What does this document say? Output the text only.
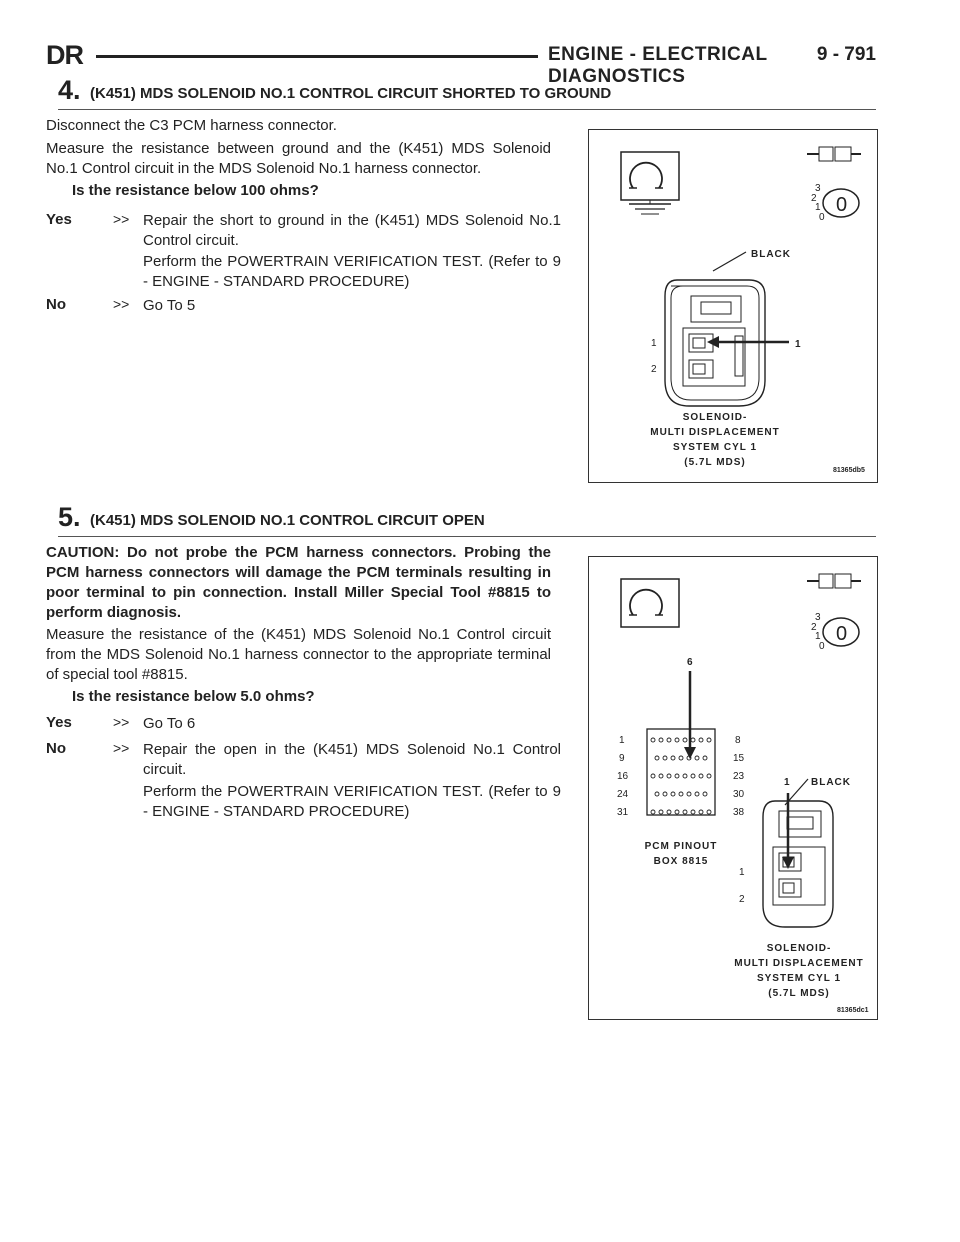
DR	ENGINE - ELECTRICAL DIAGNOSTICS
9 - 791
4. (K451) MDS SOLENOID NO.1 CONTROL CIRCUIT SHORTED TO GROUND

Disconnect the C3 PCM harness connector.

Measure the resistance between ground and the (K451) MDS Solenoid No.1 Control circuit in the MDS Solenoid No.1 harness connector.

Is the resistance below 100 ohms?
Yes	>> Repair the short to ground in the (K451) MDS Solenoid No.1 Control circuit.

Perform the POWERTRAIN VERIFICATION TEST. (Refer to 9 - ENGINE - STANDARD PROCEDURE)

No	>> Go To 5

3
2
1
0
0
BLACK
1
2
1
SOLENOID-
MULTI DISPLACEMENT
SYSTEM CYL 1
(5.7L MDS)
81365db5
5. (K451) MDS SOLENOID NO.1 CONTROL CIRCUIT OPEN

CAUTION: Do not probe the PCM harness connectors. Probing the PCM harness connectors will damage the PCM terminals resulting in poor terminal to pin connection. Install Miller Special Tool #8815 to perform diagnosis.

Measure the resistance of the (K451) MDS Solenoid No.1 Control circuit from the MDS Solenoid No.1 harness connector to the appropriate terminal of special tool #8815.

Is the resistance below 5.0 ohms?
Yes	>> Go To 6

No	>> Repair the open in the (K451) MDS Solenoid No.1 Control circuit.

Perform the POWERTRAIN VERIFICATION TEST. (Refer to 9 - ENGINE - STANDARD PROCEDURE)

3
2
1
0
0
6
1
9
16
24
31
8
15
23
30
38
PCM PINOUT
BOX 8815
1 BLACK
1
2
SOLENOID-
MULTI DISPLACEMENT
SYSTEM CYL 1
(5.7L MDS)
81365dc1
